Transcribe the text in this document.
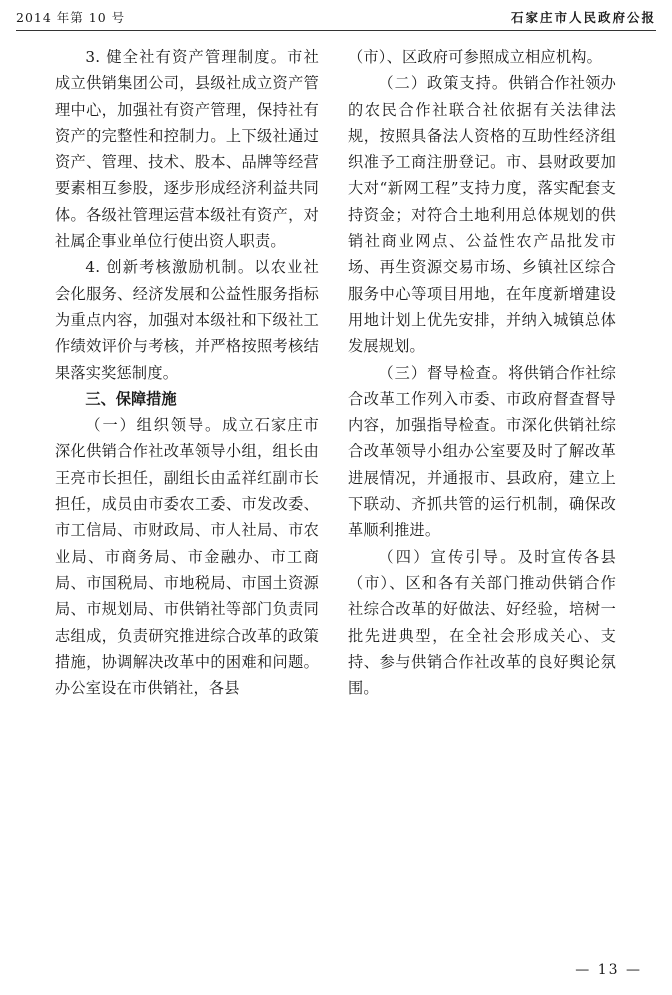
2014 年第 10 号	石家庄市人民政府公报

3. 健全社有资产管理制度。市社成立供销集团公司，县级社成立资产管理中心，加强社有资产管理，保持社有资产的完整性和控制力。上下级社通过资产、管理、技术、股本、品牌等经营要素相互参股，逐步形成经济利益共同体。各级社管理运营本级社有资产，对社属企事业单位行使出资人职责。

4. 创新考核激励机制。以农业社会化服务、经济发展和公益性服务指标为重点内容，加强对本级社和下级社工作绩效评价与考核，并严格按照考核结果落实奖惩制度。

三、保障措施

（一）组织领导。成立石家庄市深化供销合作社改革领导小组，组长由王亮市长担任，副组长由孟祥红副市长担任，成员由市委农工委、市发改委、市工信局、市财政局、市人社局、市农业局、市商务局、市金融办、市工商局、市国税局、市地税局、市国土资源局、市规划局、市供销社等部门负责同志组成，负责研究推进综合改革的政策措施，协调解决改革中的困难和问题。办公室设在市供销社，各县

（市）、区政府可参照成立相应机构。

（二）政策支持。供销合作社领办的农民合作社联合社依据有关法律法规，按照具备法人资格的互助性经济组织准予工商注册登记。市、县财政要加大对“新网工程”支持力度，落实配套支持资金；对符合土地利用总体规划的供销社商业网点、公益性农产品批发市场、再生资源交易市场、乡镇社区综合服务中心等项目用地，在年度新增建设用地计划上优先安排，并纳入城镇总体发展规划。

（三）督导检查。将供销合作社综合改革工作列入市委、市政府督查督导内容，加强指导检查。市深化供销社综合改革领导小组办公室要及时了解改革进展情况，并通报市、县政府，建立上下联动、齐抓共管的运行机制，确保改革顺利推进。

（四）宣传引导。及时宣传各县（市）、区和各有关部门推动供销合作社综合改革的好做法、好经验，培树一批先进典型，在全社会形成关心、支持、参与供销合作社改革的良好舆论氛围。

— 13 —
